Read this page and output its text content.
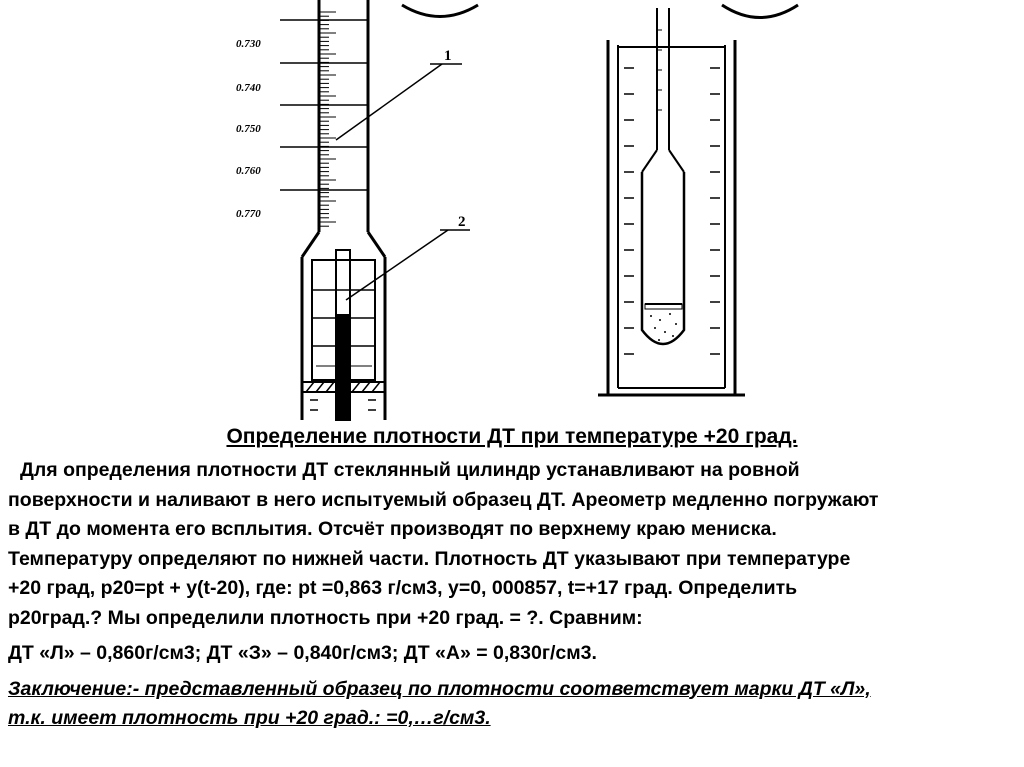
0.730
0.740
0.750
0.760
0.770
1
2
Определение плотности ДТ при температуре +20 град.

Для определения плотности ДТ стеклянный цилиндр устанавливают на ровной

поверхности и наливают в него испытуемый образец ДТ. Ареометр медленно погружают

в ДТ до момента его всплытия. Отсчёт производят по верхнему краю мениска.

Температуру определяют по нижней части. Плотность ДТ указывают при температуре

+20 град, р20=рt + y(t-20), где: рt =0,863 г/см3, y=0, 000857, t=+17 град. Определить

р20град.? Мы определили плотность при +20 град. = ?. Сравним:

ДТ «Л» – 0,860г/см3; ДТ «З» – 0,840г/см3; ДТ «А» = 0,830г/см3.

Заключение:- представленный образец по плотности соответствует марки ДТ «Л»,

т.к. имеет плотность при +20 град.: =0,…г/см3.
